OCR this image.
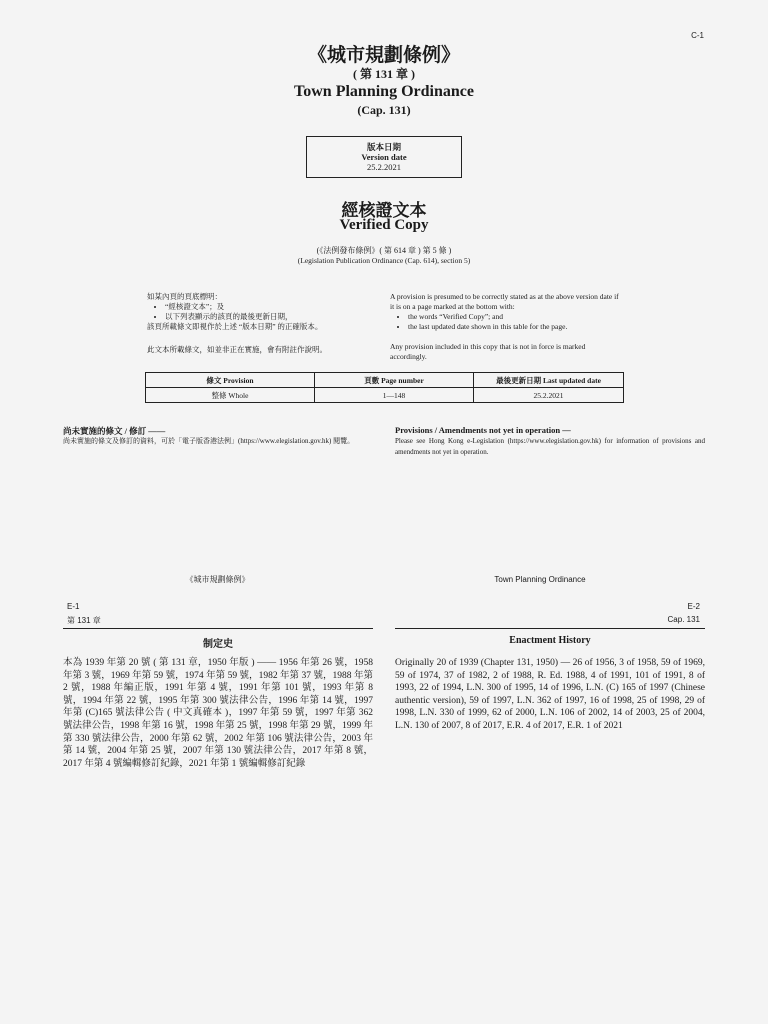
C-1
《城市規劃條例》
( 第 131 章 )
Town Planning Ordinance
(Cap. 131)
版本日期
Version date
25.2.2021
經核證文本
Verified Copy
(《法例發布條例》( 第 614 章 ) 第 5 條 )
(Legislation Publication Ordinance (Cap. 614), section 5)

如某內頁的頁底標明：

• “經核證文本”；及
• 以下列表顯示的該頁的最後更新日期，

該頁所載條文即視作於上述 “版本日期” 的正確版本。

此文本所載條文，如並非正在實施，會有附註作說明。

A provision is presumed to be correctly stated as at the above version date if it is on a page marked at the bottom with:

• the words “Verified Copy”; and
• the last updated date shown in this table for the page.

Any provision included in this copy that is not in force is marked accordingly.

條文 Provision	頁數 Page number	最後更新日期 Last updated date
整條 Whole	1—148	25.2.2021
尚未實施的條文 / 修訂 ——
尚未實施的條文及修訂的資料，可於「電子版香港法例」(https://www.elegislation.gov.hk) 閱覽。
Provisions / Amendments not yet in operation —
Please see Hong Kong e-Legislation (https://www.elegislation.gov.hk) for information of provisions and amendments not yet in operation.
《城市規劃條例》	Town Planning Ordinance
E-1
第 131 章
E-2
Cap. 131
制定史	Enactment History
本為 1939 年第 20 號 ( 第 131 章，1950 年版 ) —— 1956 年第 26 號，1958 年第 3 號，1969 年第 59 號，1974 年第 59 號，1982 年第 37 號，1988 年第 2 號，1988 年編正版，1991 年第 4 號，1991 年第 101 號，1993 年第 8 號，1994 年第 22 號，1995 年第 300 號法律公告，1996 年第 14 號，1997 年第 (C)165 號法律公告 ( 中文真確本 )，1997 年第 59 號，1997 年第 362 號法律公告，1998 年第 16 號，1998 年第 25 號，1998 年第 29 號，1999 年第 330 號法律公告，2000 年第 62 號，2002 年第 106 號法律公告，2003 年第 14 號，2004 年第 25 號，2007 年第 130 號法律公告，2017 年第 8 號，2017 年第 4 號編輯修訂紀錄，2021 年第 1 號編輯修訂紀錄
Originally 20 of 1939 (Chapter 131, 1950) — 26 of 1956, 3 of 1958, 59 of 1969, 59 of 1974, 37 of 1982, 2 of 1988, R. Ed. 1988, 4 of 1991, 101 of 1991, 8 of 1993, 22 of 1994, L.N. 300 of 1995, 14 of 1996, L.N. (C) 165 of 1997 (Chinese authentic version), 59 of 1997, L.N. 362 of 1997, 16 of 1998, 25 of 1998, 29 of 1998, L.N. 330 of 1999, 62 of 2000, L.N. 106 of 2002, 14 of 2003, 25 of 2004, L.N. 130 of 2007, 8 of 2017, E.R. 4 of 2017, E.R. 1 of 2021
